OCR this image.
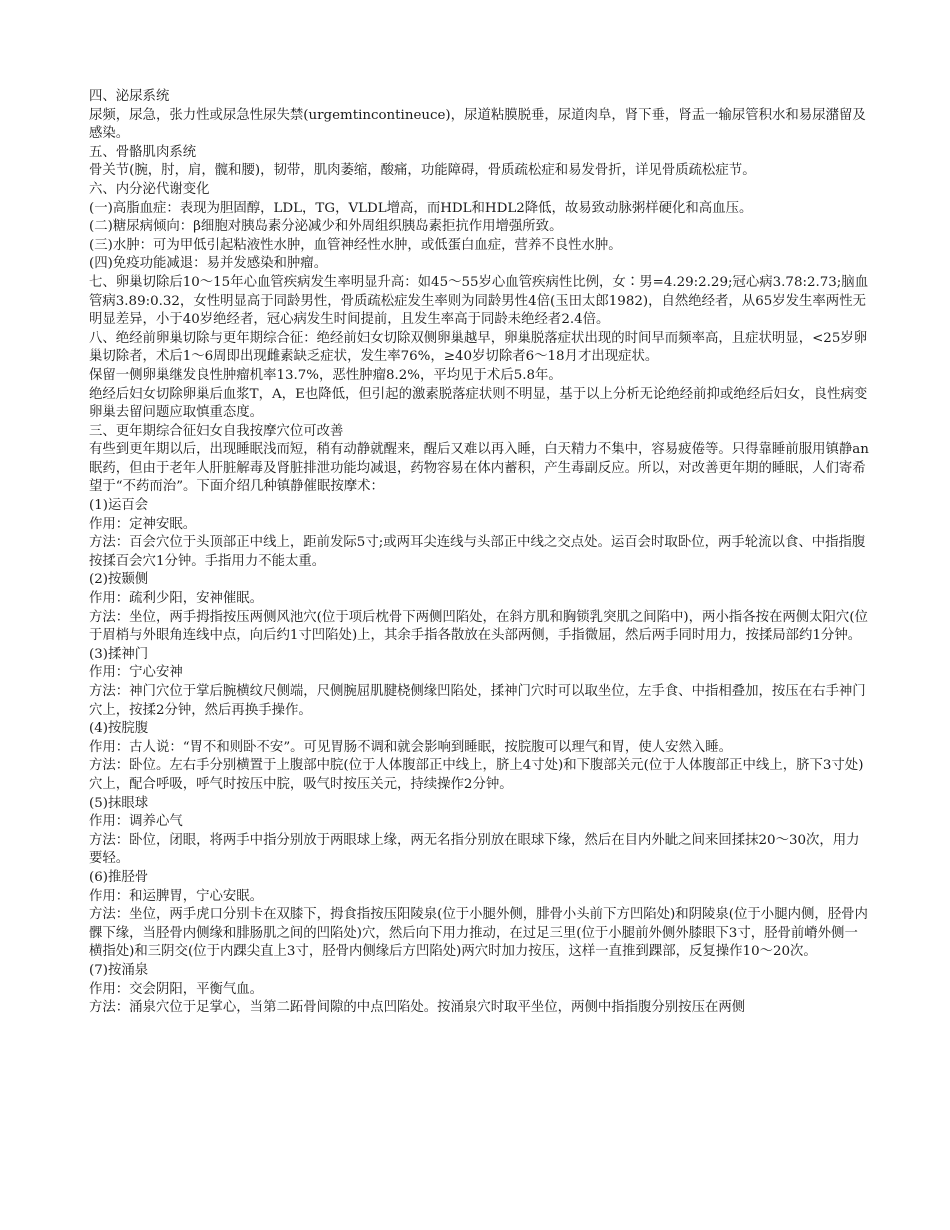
四、泌尿系统

尿频，尿急，张力性或尿急性尿失禁(urgemtincontineuce)，尿道粘膜脱垂，尿道肉阜，肾下垂，肾盂一输尿管积水和易尿潴留及感染。

五、骨骼肌肉系统

骨关节(腕，肘，肩，髋和腰)，韧带，肌肉萎缩，酸痛，功能障碍，骨质疏松症和易发骨折，详见骨质疏松症节。

六、内分泌代谢变化

(一)高脂血症：表现为胆固醇，LDL，TG，VLDL增高，而HDL和HDL2降低，故易致动脉粥样硬化和高血压。

(二)糖尿病倾向：β细胞对胰岛素分泌减少和外周组织胰岛素拒抗作用增强所致。

(三)水肿：可为甲低引起粘液性水肿，血管神经性水肿，或低蛋白血症，营养不良性水肿。

(四)免疫功能减退：易并发感染和肿瘤。

七、卵巢切除后10～15年心血管疾病发生率明显升高：如45～55岁心血管疾病性比例，女∶男=4.29:2.29;冠心病3.78:2.73;脑血管病3.89:0.32，女性明显高于同龄男性，骨质疏松症发生率则为同龄男性4倍(玉田太郎1982)，自然绝经者，从65岁发生率两性无明显差异，小于40岁绝经者，冠心病发生时间提前，且发生率高于同龄未绝经者2.4倍。

八、绝经前卵巢切除与更年期综合征：绝经前妇女切除双侧卵巢越早，卵巢脱落症状出现的时间早而频率高，且症状明显，<25岁卵巢切除者，术后1～6周即出现雌素缺乏症状，发生率76%，≥40岁切除者6～18月才出现症状。

保留一侧卵巢继发良性肿瘤机率13.7%，恶性肿瘤8.2%，平均见于术后5.8年。

绝经后妇女切除卵巢后血浆T，A，E也降低，但引起的激素脱落症状则不明显，基于以上分析无论绝经前抑或绝经后妇女，良性病变卵巢去留问题应取慎重态度。

三、更年期综合征妇女自我按摩穴位可改善

有些到更年期以后，出现睡眠浅而短，稍有动静就醒来，醒后又难以再入睡，白天精力不集中，容易疲倦等。只得靠睡前服用镇静an眠药，但由于老年人肝脏解毒及肾脏排泄功能均减退，药物容易在体内蓄积，产生毒副反应。所以，对改善更年期的睡眠，人们寄希望于“不药而治”。下面介绍几种镇静催眠按摩术：

(1)运百会

作用：定神安眠。

方法：百会穴位于头顶部正中线上，距前发际5寸;或两耳尖连线与头部正中线之交点处。运百会时取卧位，两手轮流以食、中指指腹按揉百会穴1分钟。手指用力不能太重。

(2)按颞侧

作用：疏利少阳，安神催眠。

方法：坐位，两手拇指按压两侧风池穴(位于项后枕骨下两侧凹陷处，在斜方肌和胸锁乳突肌之间陷中)，两小指各按在两侧太阳穴(位于眉梢与外眼角连线中点，向后约1寸凹陷处)上，其余手指各散放在头部两侧，手指微屈，然后两手同时用力，按揉局部约1分钟。

(3)揉神门

作用：宁心安神

方法：神门穴位于掌后腕横纹尺侧端，尺侧腕屈肌腱桡侧缘凹陷处，揉神门穴时可以取坐位，左手食、中指相叠加，按压在右手神门穴上，按揉2分钟，然后再换手操作。

(4)按脘腹

作用：古人说：“胃不和则卧不安”。可见胃肠不调和就会影响到睡眠，按脘腹可以理气和胃，使人安然入睡。

方法：卧位。左右手分别横置于上腹部中脘(位于人体腹部正中线上，脐上4寸处)和下腹部关元(位于人体腹部正中线上，脐下3寸处)穴上，配合呼吸，呼气时按压中脘，吸气时按压关元，持续操作2分钟。

(5)抹眼球

作用：调养心气

方法：卧位，闭眼，将两手中指分别放于两眼球上缘，两无名指分别放在眼球下缘，然后在目内外眦之间来回揉抹20～30次，用力要轻。

(6)推胫骨

作用：和运脾胃，宁心安眠。

方法：坐位，两手虎口分别卡在双膝下，拇食指按压阳陵泉(位于小腿外侧，腓骨小头前下方凹陷处)和阴陵泉(位于小腿内侧，胫骨内髁下缘，当胫骨内侧缘和腓肠肌之间的凹陷处)穴，然后向下用力推动，在过足三里(位于小腿前外侧外膝眼下3寸，胫骨前嵴外侧一横指处)和三阴交(位于内踝尖直上3寸，胫骨内侧缘后方凹陷处)两穴时加力按压，这样一直推到踝部，反复操作10～20次。

(7)按涌泉

作用：交会阴阳，平衡气血。

方法：涌泉穴位于足掌心，当第二跖骨间隙的中点凹陷处。按涌泉穴时取平坐位，两侧中指指腹分别按压在两侧
